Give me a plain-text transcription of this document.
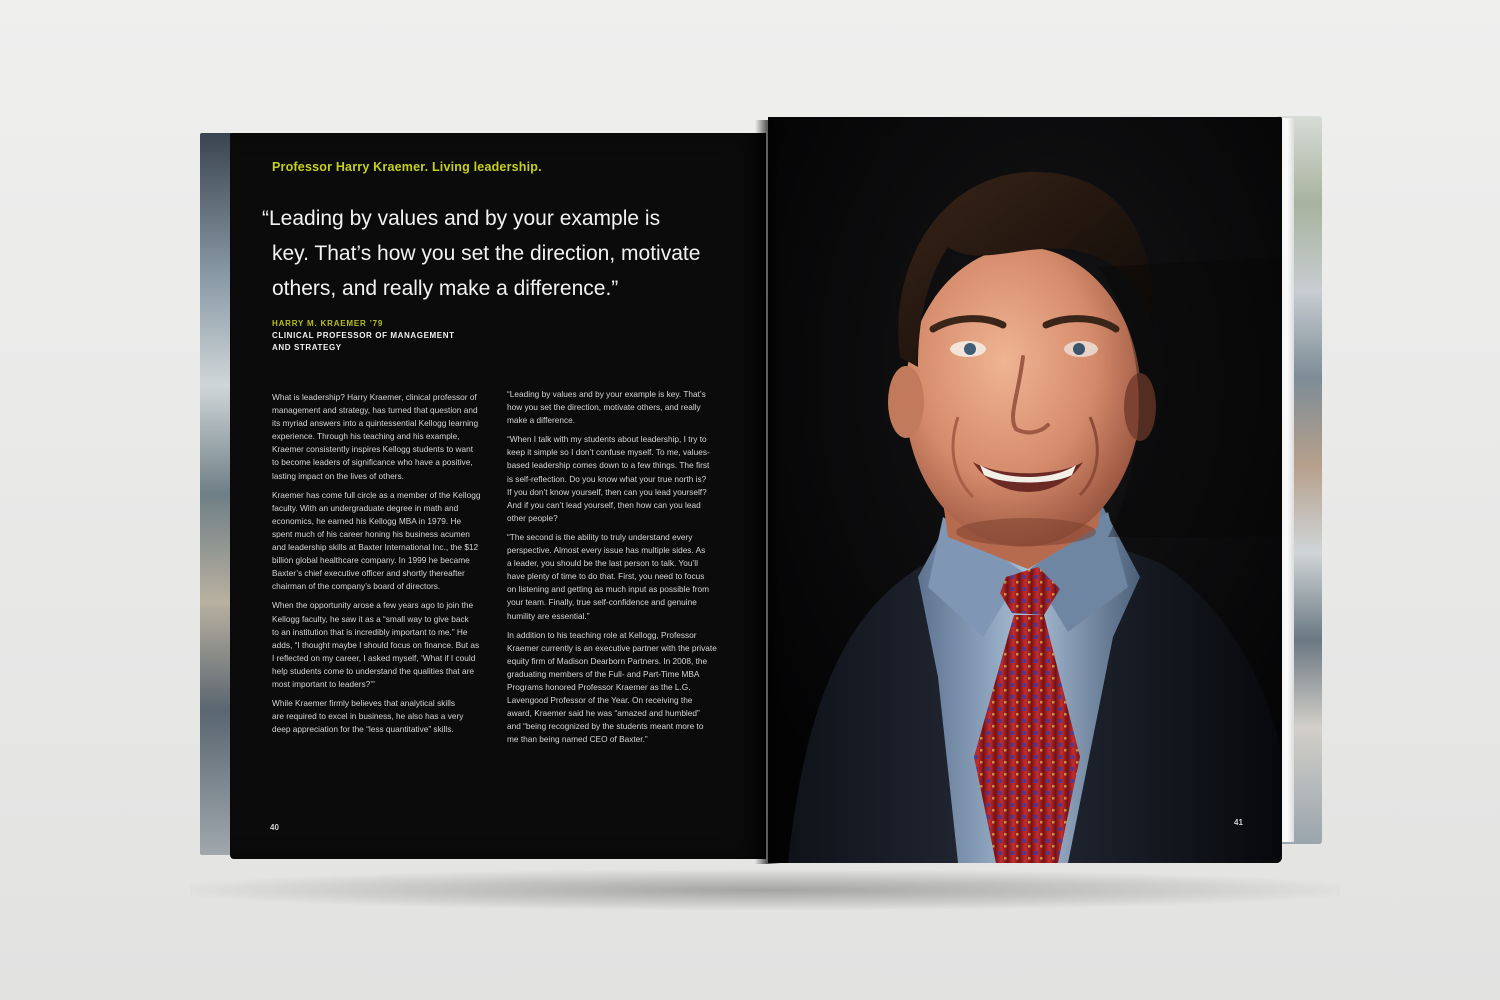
Professor Harry Kraemer. Living leadership.
“Leading by values and by your example is
key. That’s how you set the direction, motivate
others, and really make a difference.”
HARRY M. KRAEMER ’79
CLINICAL PROFESSOR OF MANAGEMENT
AND STRATEGY

What is leadership? Harry Kraemer, clinical professor of
management and strategy, has turned that question and
its myriad answers into a quintessential Kellogg learning
experience. Through his teaching and his example,
Kraemer consistently inspires Kellogg students to want
to become leaders of significance who have a positive,
lasting impact on the lives of others.

Kraemer has come full circle as a member of the Kellogg
faculty. With an undergraduate degree in math and
economics, he earned his Kellogg MBA in 1979. He
spent much of his career honing his business acumen
and leadership skills at Baxter International Inc., the $12
billion global healthcare company. In 1999 he became
Baxter’s chief executive officer and shortly thereafter
chairman of the company’s board of directors.

When the opportunity arose a few years ago to join the
Kellogg faculty, he saw it as a “small way to give back
to an institution that is incredibly important to me.” He
adds, “I thought maybe I should focus on finance. But as
I reflected on my career, I asked myself, ‘What if I could
help students come to understand the qualities that are
most important to leaders?’”

While Kraemer firmly believes that analytical skills
are required to excel in business, he also has a very
deep appreciation for the “less quantitative” skills.

“Leading by values and by your example is key. That’s
how you set the direction, motivate others, and really
make a difference.

“When I talk with my students about leadership, I try to
keep it simple so I don’t confuse myself. To me, values-
based leadership comes down to a few things. The first
is self-reflection. Do you know what your true north is?
If you don’t know yourself, then can you lead yourself?
And if you can’t lead yourself, then how can you lead
other people?

“The second is the ability to truly understand every
perspective. Almost every issue has multiple sides. As
a leader, you should be the last person to talk. You’ll
have plenty of time to do that. First, you need to focus
on listening and getting as much input as possible from
your team. Finally, true self-confidence and genuine
humility are essential.”

In addition to his teaching role at Kellogg, Professor
Kraemer currently is an executive partner with the private
equity firm of Madison Dearborn Partners. In 2008, the
graduating members of the Full- and Part-Time MBA
Programs honored Professor Kraemer as the L.G.
Lavengood Professor of the Year. On receiving the
award, Kraemer said he was “amazed and humbled”
and “being recognized by the students meant more to
me than being named CEO of Baxter.”

40
41
